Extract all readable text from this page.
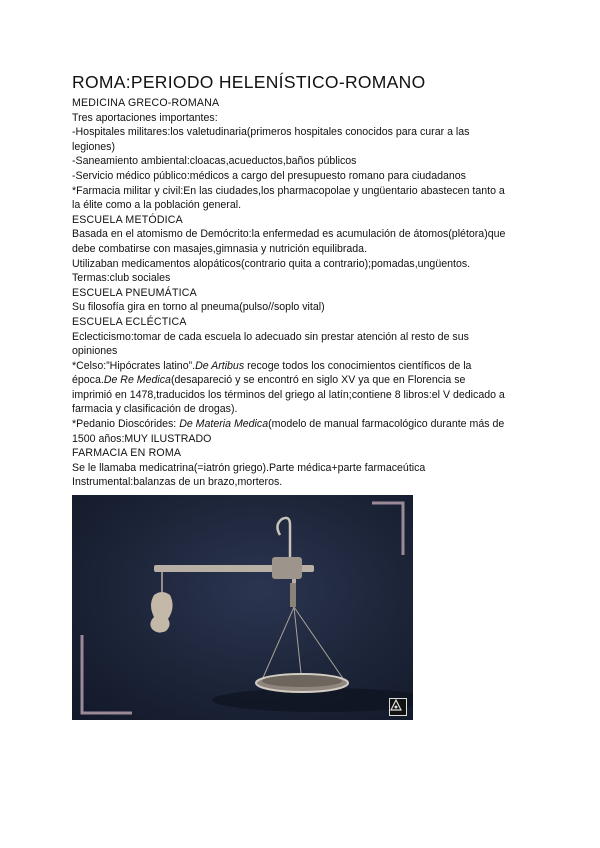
ROMA:PERIODO HELENÍSTICO-ROMANO

MEDICINA GRECO-ROMANA

Tres aportaciones importantes:

-Hospitales militares:los valetudinaria(primeros hospitales conocidos para curar a las

legiones)

-Saneamiento ambiental:cloacas,acueductos,baños públicos

-Servicio médico público:médicos a cargo del presupuesto romano para ciudadanos

*Farmacia militar y civil:En las ciudades,los pharmacopolae y ungüentario abastecen tanto a

la élite como a la población general.

ESCUELA METÓDICA

Basada en el atomismo de Demócrito:la enfermedad es acumulación de átomos(plétora)que

debe combatirse con masajes,gimnasia y nutrición equilibrada.

Utilizaban medicamentos alopáticos(contrario quita a contrario);pomadas,ungüentos.

Termas:club sociales

ESCUELA PNEUMÁTICA

Su filosofía gira en torno al pneuma(pulso//soplo vital)

ESCUELA ECLÉCTICA

Eclecticismo:tomar de cada escuela lo adecuado sin prestar atención al resto de sus

opiniones

*Celso:”Hipócrates latino”.De Artibus recoge todos los conocimientos científicos de la

época.De Re Medica(desapareció y se encontró en siglo XV ya que en Florencia se

imprimió en 1478,traducidos los términos del griego al latín;contiene 8 libros:el V dedicado a

farmacia y clasificación de drogas).

*Pedanio Dioscórides: De Materia Medica(modelo de manual farmacológico durante más de

1500 años:MUY ILUSTRADO

FARMACIA EN ROMA

Se le llamaba medicatrina(=iatrón griego).Parte médica+parte farmaceútica

Instrumental:balanzas de un brazo,morteros.
